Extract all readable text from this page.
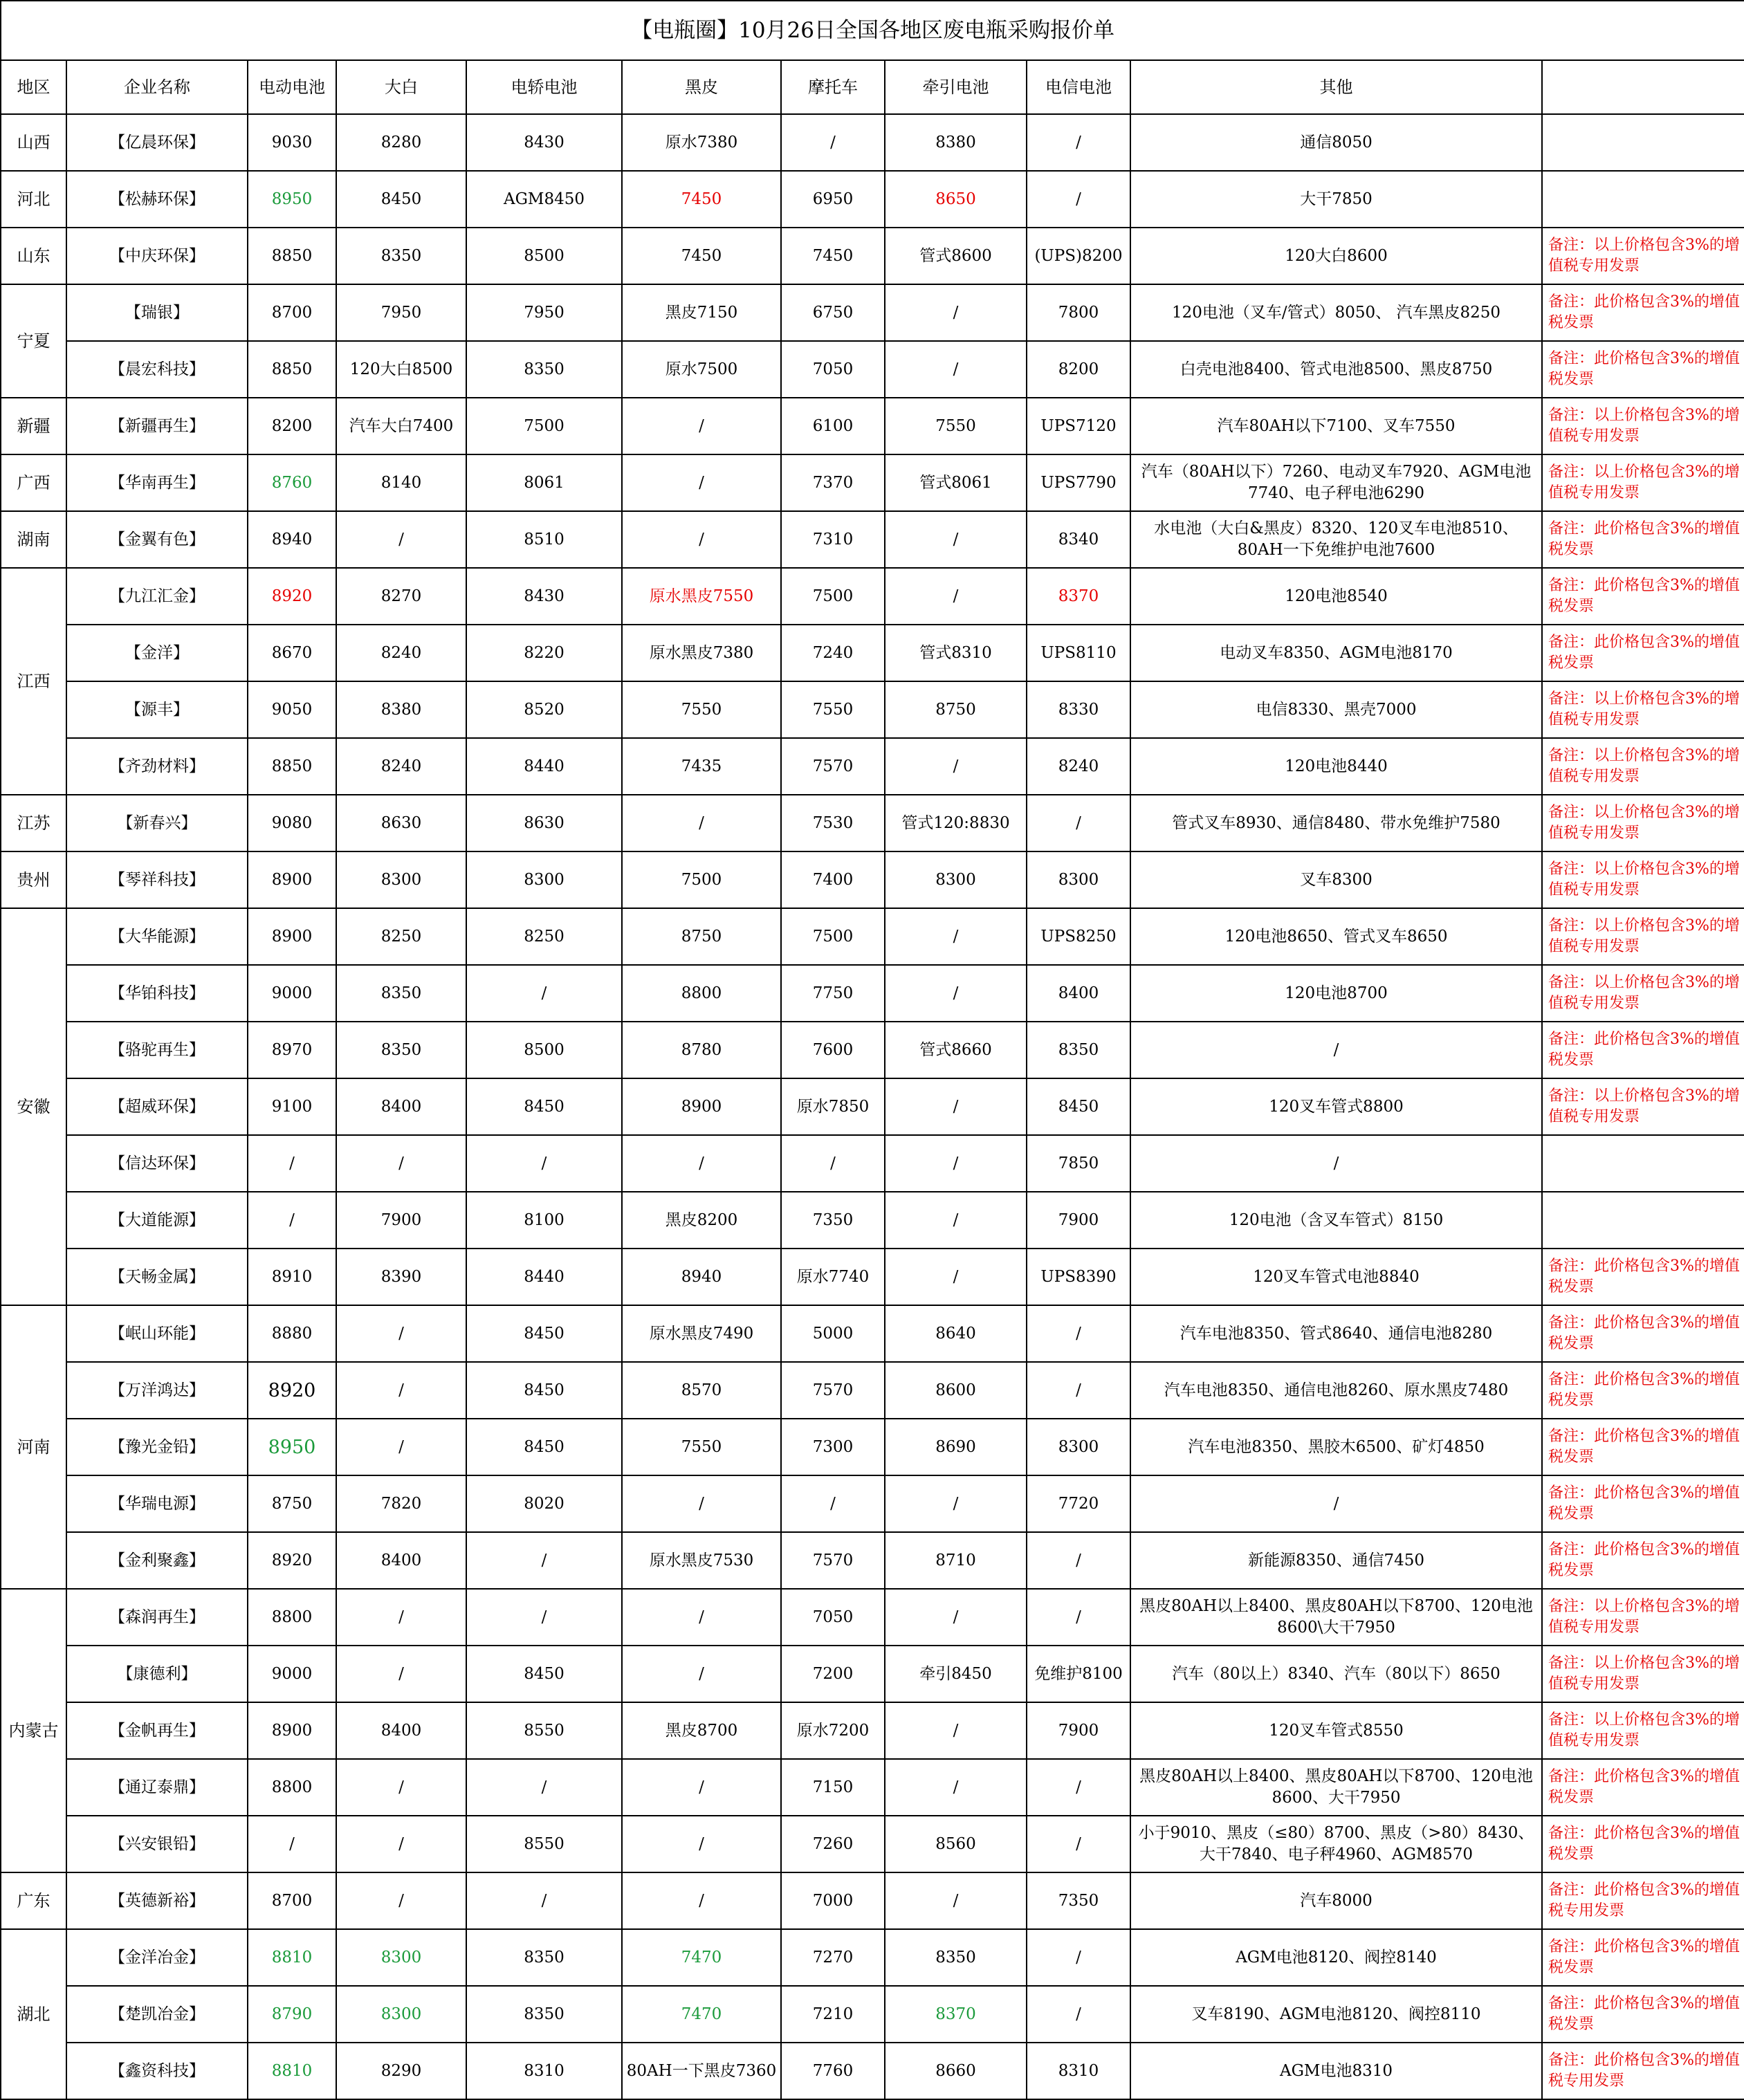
【电瓶圈】10月26日全国各地区废电瓶采购报价单										
地区	企业名称	电动电池	大白	电轿电池	黑皮	摩托车	牵引电池	电信电池	其他	
山西	【亿晨环保】	9030	8280	8430	原水7380	/	8380	/	通信8050	
河北	【松赫环保】	8950	8450	AGM8450	7450	6950	8650	/	大干7850	
山东	【中庆环保】	8850	8350	8500	7450	7450	管式8600	(UPS)8200	120大白8600	备注：以上价格包含3%的增值税专用发票
宁夏	【瑞银】	8700	7950	7950	黑皮7150	6750	/	7800	120电池（叉车/管式）8050、 汽车黑皮8250	备注：此价格包含3%的增值税发票
	【晨宏科技】	8850	120大白8500	8350	原水7500	7050	/	8200	白壳电池8400、管式电池8500、黑皮8750	备注：此价格包含3%的增值税发票
新疆	【新疆再生】	8200	汽车大白7400	7500	/	6100	7550	UPS7120	汽车80AH以下7100、叉车7550	备注：以上价格包含3%的增值税专用发票
广西	【华南再生】	8760	8140	8061	/	7370	管式8061	UPS7790	汽车（80AH以下）7260、电动叉车7920、AGM电池7740、电子秤电池6290	备注：以上价格包含3%的增值税专用发票
湖南	【金翼有色】	8940	/	8510	/	7310	/	8340	水电池（大白&黑皮）8320、120叉车电池8510、80AH一下免维护电池7600	备注：此价格包含3%的增值税发票
江西	【九江汇金】	8920	8270	8430	原水黑皮7550	7500	/	8370	120电池8540	备注：此价格包含3%的增值税发票
	【金洋】	8670	8240	8220	原水黑皮7380	7240	管式8310	UPS8110	电动叉车8350、AGM电池8170	备注：此价格包含3%的增值税发票
	【源丰】	9050	8380	8520	7550	7550	8750	8330	电信8330、黑壳7000	备注：以上价格包含3%的增值税专用发票
	【齐劲材料】	8850	8240	8440	7435	7570	/	8240	120电池8440	备注：以上价格包含3%的增值税专用发票
江苏	【新春兴】	9080	8630	8630	/	7530	管式120:8830	/	管式叉车8930、通信8480、带水免维护7580	备注：以上价格包含3%的增值税专用发票
贵州	【琴祥科技】	8900	8300	8300	7500	7400	8300	8300	叉车8300	备注：以上价格包含3%的增值税专用发票
安徽	【大华能源】	8900	8250	8250	8750	7500	/	UPS8250	120电池8650、管式叉车8650	备注：以上价格包含3%的增值税专用发票
	【华铂科技】	9000	8350	/	8800	7750	/	8400	120电池8700	备注：以上价格包含3%的增值税专用发票
	【骆驼再生】	8970	8350	8500	8780	7600	管式8660	8350	/	备注：此价格包含3%的增值税发票
	【超威环保】	9100	8400	8450	8900	原水7850	/	8450	120叉车管式8800	备注：以上价格包含3%的增值税专用发票
	【信达环保】	/	/	/	/	/	/	7850	/	
	【大道能源】	/	7900	8100	黑皮8200	7350	/	7900	120电池（含叉车管式）8150	
	【天畅金属】	8910	8390	8440	8940	原水7740	/	UPS8390	120叉车管式电池8840	备注：此价格包含3%的增值税发票
河南	【岷山环能】	8880	/	8450	原水黑皮7490	5000	8640	/	汽车电池8350、管式8640、通信电池8280	备注：此价格包含3%的增值税发票
	【万洋鸿达】	8920	/	8450	8570	7570	8600	/	汽车电池8350、通信电池8260、原水黑皮7480	备注：此价格包含3%的增值税发票
	【豫光金铅】	8950	/	8450	7550	7300	8690	8300	汽车电池8350、黑胶木6500、矿灯4850	备注：此价格包含3%的增值税发票
	【华瑞电源】	8750	7820	8020	/	/	/	7720	/	备注：此价格包含3%的增值税发票
	【金利聚鑫】	8920	8400	/	原水黑皮7530	7570	8710	/	新能源8350、通信7450	备注：此价格包含3%的增值税发票
内蒙古	【森润再生】	8800	/	/	/	7050	/	/	黑皮80AH以上8400、黑皮80AH以下8700、120电池8600\大干7950	备注：以上价格包含3%的增值税专用发票
	【康德利】	9000	/	8450	/	7200	牵引8450	免维护8100	汽车（80以上）8340、汽车（80以下）8650	备注：以上价格包含3%的增值税专用发票
	【金帆再生】	8900	8400	8550	黑皮8700	原水7200	/	7900	120叉车管式8550	备注：以上价格包含3%的增值税专用发票
	【通辽泰鼎】	8800	/	/	/	7150	/	/	黑皮80AH以上8400、黑皮80AH以下8700、120电池8600、大干7950	备注：此价格包含3%的增值税发票
	【兴安银铅】	/	/	8550	/	7260	8560	/	小于9010、黑皮（≤80）8700、黑皮（>80）8430、大干7840、电子秤4960、AGM8570	备注：此价格包含3%的增值税发票
广东	【英德新裕】	8700	/	/	/	7000	/	7350	汽车8000	备注：此价格包含3%的增值税专用发票
湖北	【金洋冶金】	8810	8300	8350	7470	7270	8350	/	AGM电池8120、阀控8140	备注：此价格包含3%的增值税发票
	【楚凯冶金】	8790	8300	8350	7470	7210	8370	/	叉车8190、AGM电池8120、阀控8110	备注：此价格包含3%的增值税发票
	【鑫资科技】	8810	8290	8310	80AH一下黑皮7360	7760	8660	8310	AGM电池8310	备注：此价格包含3%的增值税专用发票
